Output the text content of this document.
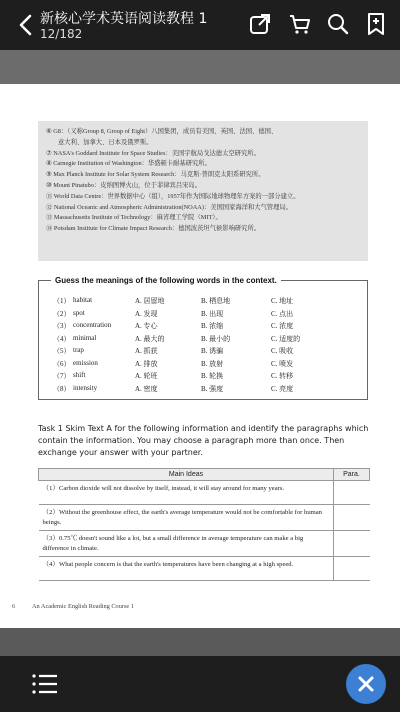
新核心学术英语阅读教程 1
12/182
⑥ G8：（又称Group 8, Group of Eight）八国集团，成员有美国、英国、法国、德国、
意大利、加拿大、日本及俄罗斯。
⑦ NASA's Goddard Institute for Space Studies：美国宇航局戈达德太空研究所。
⑧ Carnegie Institution of Washington：华盛顿卡耐基研究所。
⑨ Max Planck Institute for Solar System Research：马克斯·普朗克太阳系研究所。
⑩ Mount Pinatubo：皮纳图博火山，位于菲律宾吕宋岛。
⑪ World Data Centre：世界数据中心（组），1957年作为国际地球物理年方案的一部分建立。
⑫ National Oceanic and Atmospheric Administration(NOAA)：美国国家海洋和大气管理局。
⑬ Massachusetts Institute of Technology：麻省理工学院（MIT）。
⑭ Potsdam Institute for Climate Impact Research：德国波茨坦气候影响研究所。
Guess the meanings of the following words in the context.
（1） habitat	A. 居留地	B. 栖息地	C. 地址
（2） spot	A. 发现	B. 出现	C. 点出
（3） concentration	A. 专心	B. 浓缩	C. 浓度
（4） minimal	A. 最大的	B. 最小的	C. 适度的
（5） trap	A. 抓获	B. 诱骗	C. 吸收
（6） emission	A. 排放	B. 放射	C. 喷发
（7） shift	A. 轮班	B. 轮换	C. 转移
（8） intensity	A. 密度	B. 强度	C. 亮度
Task 1 Skim Text A for the following information and identify the paragraphs which contain the information. You may choose a paragraph more than once. Then exchange your answer with your partner.
Main Ideas	Para.
（1）Carbon dioxide will not dissolve by itself, instead, it will stay around for many years.	
（2）Without the greenhouse effect, the earth's average temperature would not be comfortable for human beings.	
（3）0.75℃ doesn't sound like a lot, but a small difference in average temperature can make a big difference in climate.	
（4）What people concern is that the earth's temperatures have been changing at a high speed.	
6	An Academic English Reading Course 1
